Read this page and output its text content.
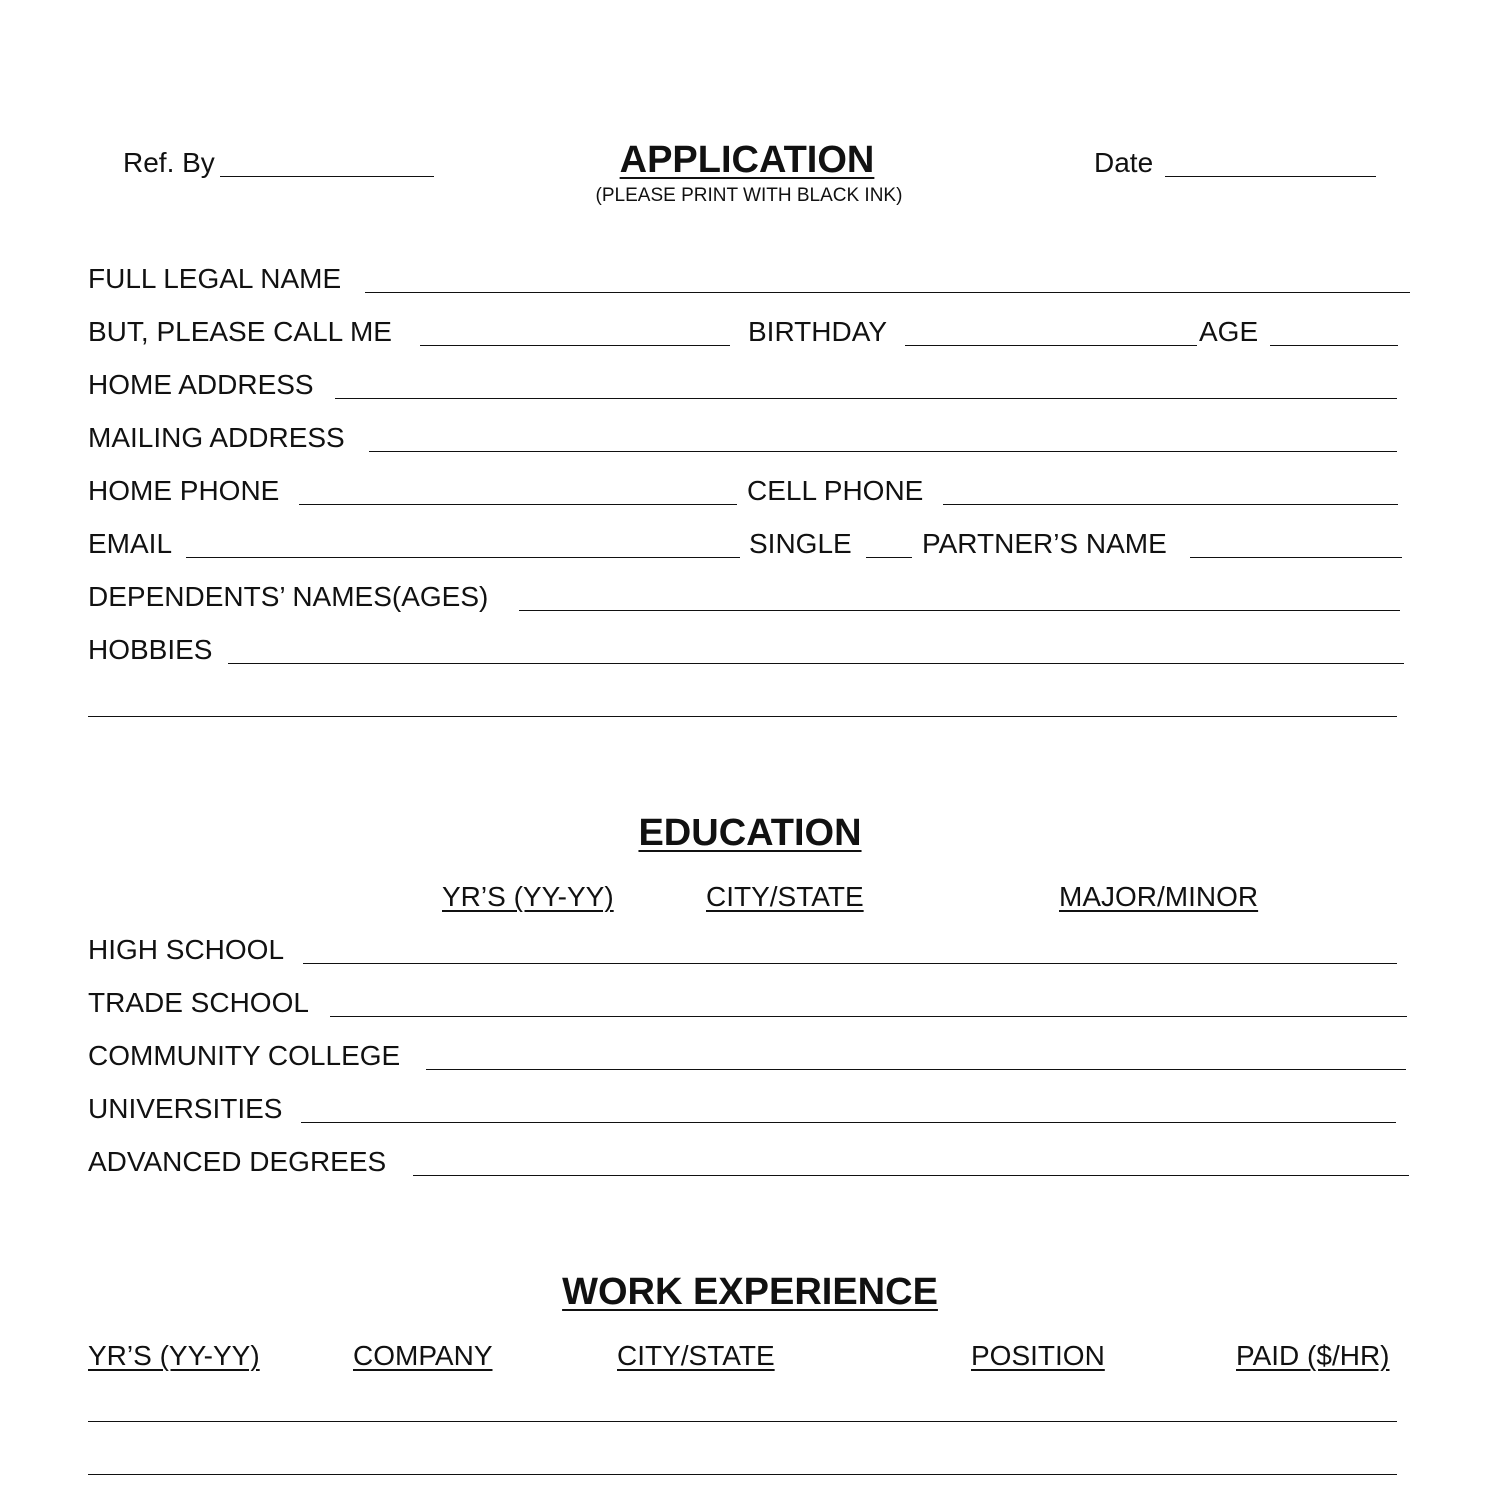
Ref. By	APPLICATION
(PLEASE PRINT WITH BLACK INK)
Date
FULL LEGAL NAME
BUT, PLEASE CALL ME	BIRTHDAY	AGE
HOME ADDRESS
MAILING ADDRESS
HOME PHONE	CELL PHONE
EMAIL	SINGLE	PARTNER’S NAME
DEPENDENTS’ NAMES(AGES)
HOBBIES
EDUCATION
YR’S (YY-YY)	CITY/STATE	MAJOR/MINOR
HIGH SCHOOL
TRADE SCHOOL
COMMUNITY COLLEGE
UNIVERSITIES
ADVANCED DEGREES
WORK EXPERIENCE
YR’S (YY-YY)	COMPANY	CITY/STATE	POSITION	PAID ($/HR)
